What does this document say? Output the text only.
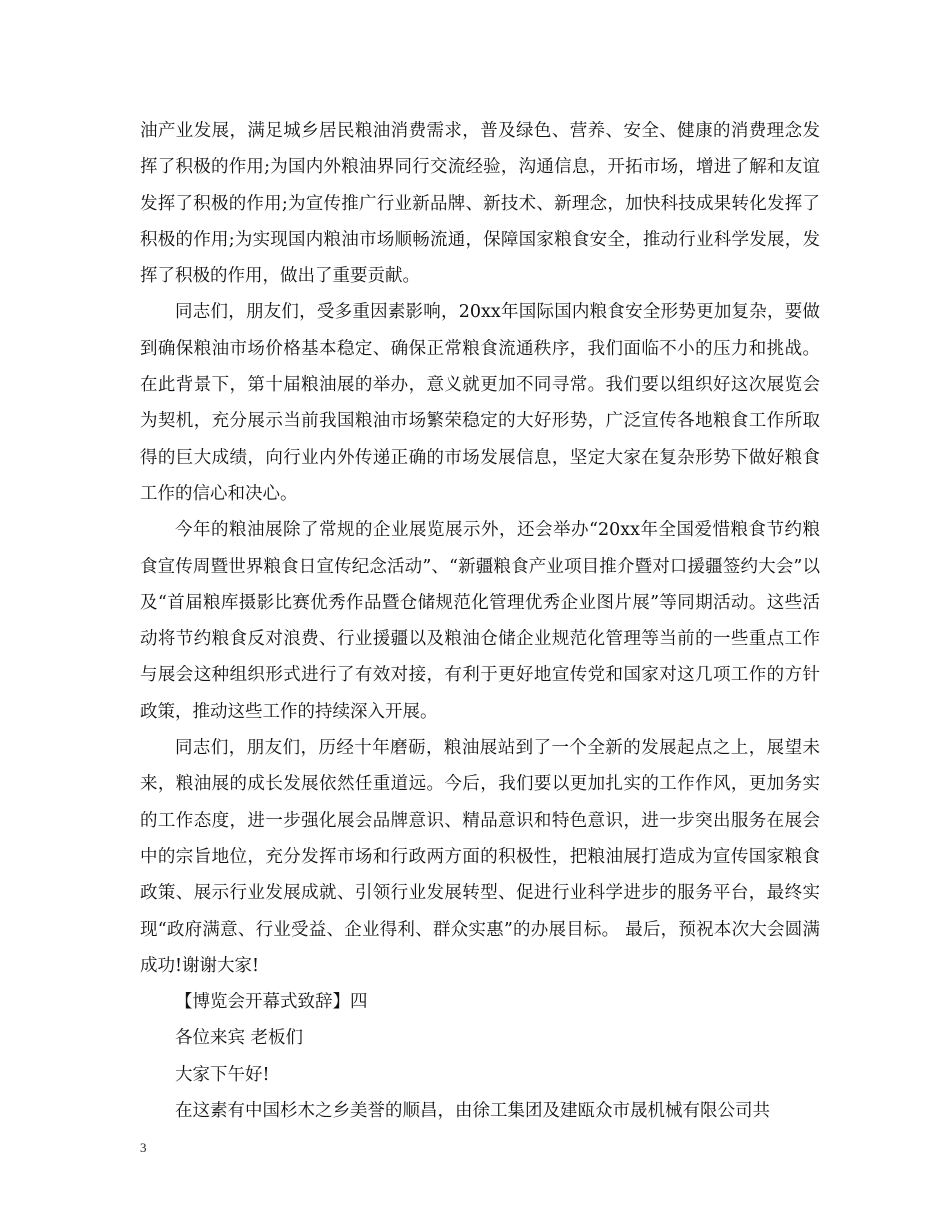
油产业发展，满足城乡居民粮油消费需求，普及绿色、营养、安全、健康的消费理念发挥了积极的作用;为国内外粮油界同行交流经验，沟通信息，开拓市场，增进了解和友谊发挥了积极的作用;为宣传推广行业新品牌、新技术、新理念，加快科技成果转化发挥了积极的作用;为实现国内粮油市场顺畅流通，保障国家粮食安全，推动行业科学发展，发挥了积极的作用，做出了重要贡献。

同志们，朋友们，受多重因素影响，20xx年国际国内粮食安全形势更加复杂，要做到确保粮油市场价格基本稳定、确保正常粮食流通秩序，我们面临不小的压力和挑战。在此背景下，第十届粮油展的举办，意义就更加不同寻常。我们要以组织好这次展览会为契机，充分展示当前我国粮油市场繁荣稳定的大好形势，广泛宣传各地粮食工作所取得的巨大成绩，向行业内外传递正确的市场发展信息，坚定大家在复杂形势下做好粮食工作的信心和决心。

今年的粮油展除了常规的企业展览展示外，还会举办“20xx年全国爱惜粮食节约粮食宣传周暨世界粮食日宣传纪念活动”、“新疆粮食产业项目推介暨对口援疆签约大会”以及“首届粮库摄影比赛优秀作品暨仓储规范化管理优秀企业图片展”等同期活动。这些活动将节约粮食反对浪费、行业援疆以及粮油仓储企业规范化管理等当前的一些重点工作与展会这种组织形式进行了有效对接，有利于更好地宣传党和国家对这几项工作的方针政策，推动这些工作的持续深入开展。

同志们，朋友们，历经十年磨砺，粮油展站到了一个全新的发展起点之上，展望未来，粮油展的成长发展依然任重道远。今后，我们要以更加扎实的工作作风，更加务实的工作态度，进一步强化展会品牌意识、精品意识和特色意识，进一步突出服务在展会中的宗旨地位，充分发挥市场和行政两方面的积极性，把粮油展打造成为宣传国家粮食政策、展示行业发展成就、引领行业发展转型、促进行业科学进步的服务平台，最终实现“政府满意、行业受益、企业得利、群众实惠”的办展目标。 最后，预祝本次大会圆满成功!谢谢大家!

【博览会开幕式致辞】四

各位来宾 老板们

大家下午好!

在这素有中国杉木之乡美誉的顺昌，由徐工集团及建瓯众市晟机械有限公司共

3
